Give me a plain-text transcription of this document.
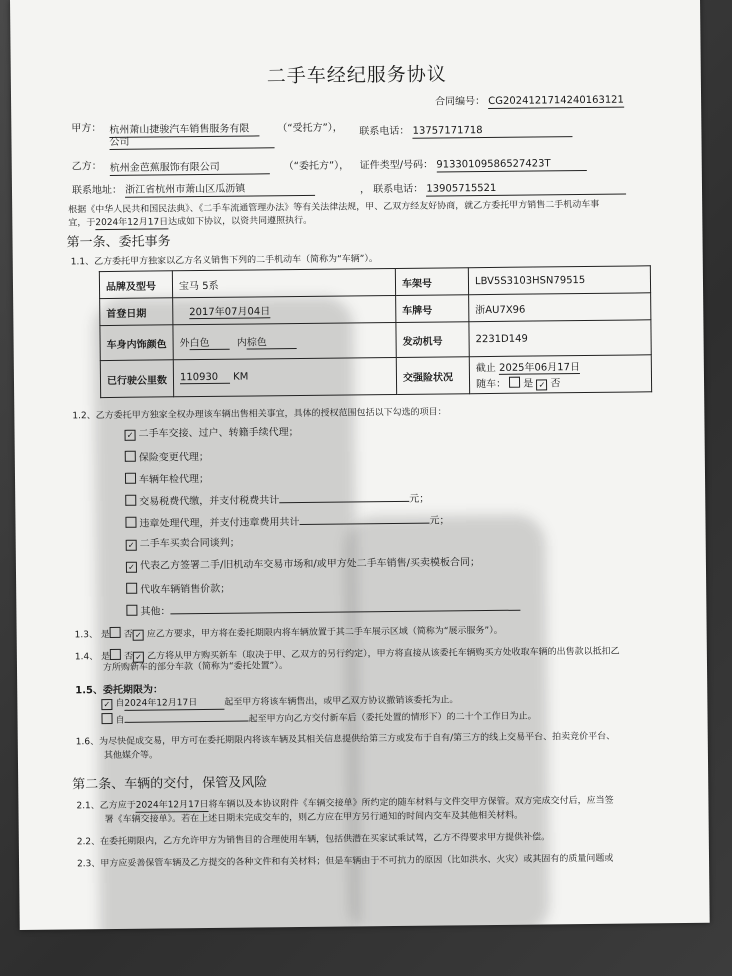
二手车经纪服务协议
合同编号： CG2024121714240163121
甲方： 杭州萧山捷骏汽车销售服务有限
公司
（“受托方”）， 联系电话： 13757171718
乙方： 杭州金芭蕉服饰有限公司	（“委托方”）， 证件类型/号码： 91330109586527423T
联系地址： 浙江省杭州市萧山区瓜沥镇	， 联系电话： 13905715521
根据《中华人民共和国民法典》、《二手车流通管理办法》等有关法律法规，甲、乙双方经友好协商，就乙方委托甲方销售二手机动车事
宜，于2024年12月17日达成如下协议，以资共同遵照执行。
第一条、委托事务
1.1、乙方委托甲方独家以乙方名义销售下列的二手机动车（简称为“车辆”）。
品牌及型号	宝马 5系	车架号	LBV5S3103HSN79515
首登日期	2017年07月04日	车牌号	浙AU7X96
车身内饰颜色	外白色 内棕色	发动机号	2231D149
已行驶公里数	110930 KM	交强险状况	截止 2025年06月17日
随车： 是 ✓ 否
1.2、乙方委托甲方独家全权办理该车辆出售相关事宜，具体的授权范围包括以下勾选的项目：
✓ 二手车交接、过户、转籍手续代理；
保险变更代理；
车辆年检代理；
交易税费代缴，并支付税费共计	元；
违章处理代理，并支付违章费用共计	元；
✓ 二手车买卖合同谈判；
✓ 代表乙方签署二手/旧机动车交易市场和/或甲方处二手车销售/买卖模板合同；
代收车辆销售价款；
其他：
1.3、 是 否 ✓ 应乙方要求，甲方将在委托期限内将车辆放置于其二手车展示区域（简称为“展示服务”）。
1.4、 是 否 ✓ 乙方将从甲方购买新车（取决于甲、乙双方的另行约定），甲方将直接从该委托车辆购买方处收取车辆的出售款以抵扣乙
方所购新车的部分车款（简称为“委托处置”）。
1.5、委托期限为：
✓ 自2024年12月17日	起至甲方将该车辆售出，或甲乙双方协议撤销该委托为止。
自	起至甲方向乙方交付新车后（委托处置的情形下）的二十个工作日为止。
1.6、为尽快促成交易，甲方可在委托期限内将该车辆及其相关信息提供给第三方或发布于自有/第三方的线上交易平台、拍卖竞价平台、
其他媒介等。
第二条、车辆的交付，保管及风险
2.1、乙方应于2024年12月17日将车辆以及本协议附件《车辆交接单》所约定的随车材料与文件交甲方保管。双方完成交付后，应当签
署《车辆交接单》。若在上述日期未完成交车的，则乙方应在甲方另行通知的时间内交车及其他相关材料。
2.2、在委托期限内，乙方允许甲方为销售目的合理使用车辆，包括供潜在买家试乘试驾，乙方不得要求甲方提供补偿。
2.3、甲方应妥善保管车辆及乙方提交的各种文件和有关材料；但是车辆由于不可抗力的原因（比如洪水、火灾）或其固有的质量问题或
